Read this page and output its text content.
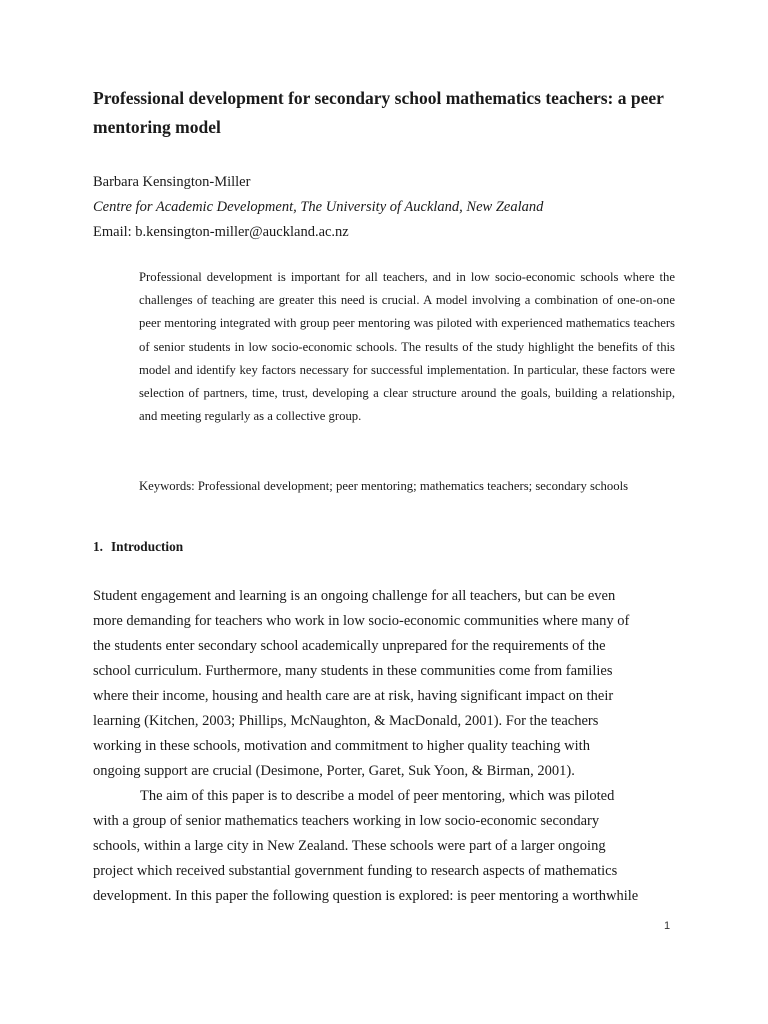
Professional development for secondary school mathematics teachers: a peer mentoring model
Barbara Kensington-Miller
Centre for Academic Development, The University of Auckland, New Zealand
Email: b.kensington-miller@auckland.ac.nz

Professional development is important for all teachers, and in low socio-economic schools where the challenges of teaching are greater this need is crucial. A model involving a combination of one-on-one peer mentoring integrated with group peer mentoring was piloted with experienced mathematics teachers of senior students in low socio-economic schools. The results of the study highlight the benefits of this model and identify key factors necessary for successful implementation. In particular, these factors were selection of partners, time, trust, developing a clear structure around the goals, building a relationship, and meeting regularly as a collective group.

Keywords: Professional development; peer mentoring; mathematics teachers; secondary schools

1. Introduction
Student engagement and learning is an ongoing challenge for all teachers, but can be even
more demanding for teachers who work in low socio-economic communities where many of
the students enter secondary school academically unprepared for the requirements of the
school curriculum. Furthermore, many students in these communities come from families
where their income, housing and health care are at risk, having significant impact on their
learning (Kitchen, 2003; Phillips, McNaughton, & MacDonald, 2001). For the teachers
working in these schools, motivation and commitment to higher quality teaching with
ongoing support are crucial (Desimone, Porter, Garet, Suk Yoon, & Birman, 2001).
The aim of this paper is to describe a model of peer mentoring, which was piloted
with a group of senior mathematics teachers working in low socio-economic secondary
schools, within a large city in New Zealand. These schools were part of a larger ongoing
project which received substantial government funding to research aspects of mathematics
development. In this paper the following question is explored: is peer mentoring a worthwhile
1
